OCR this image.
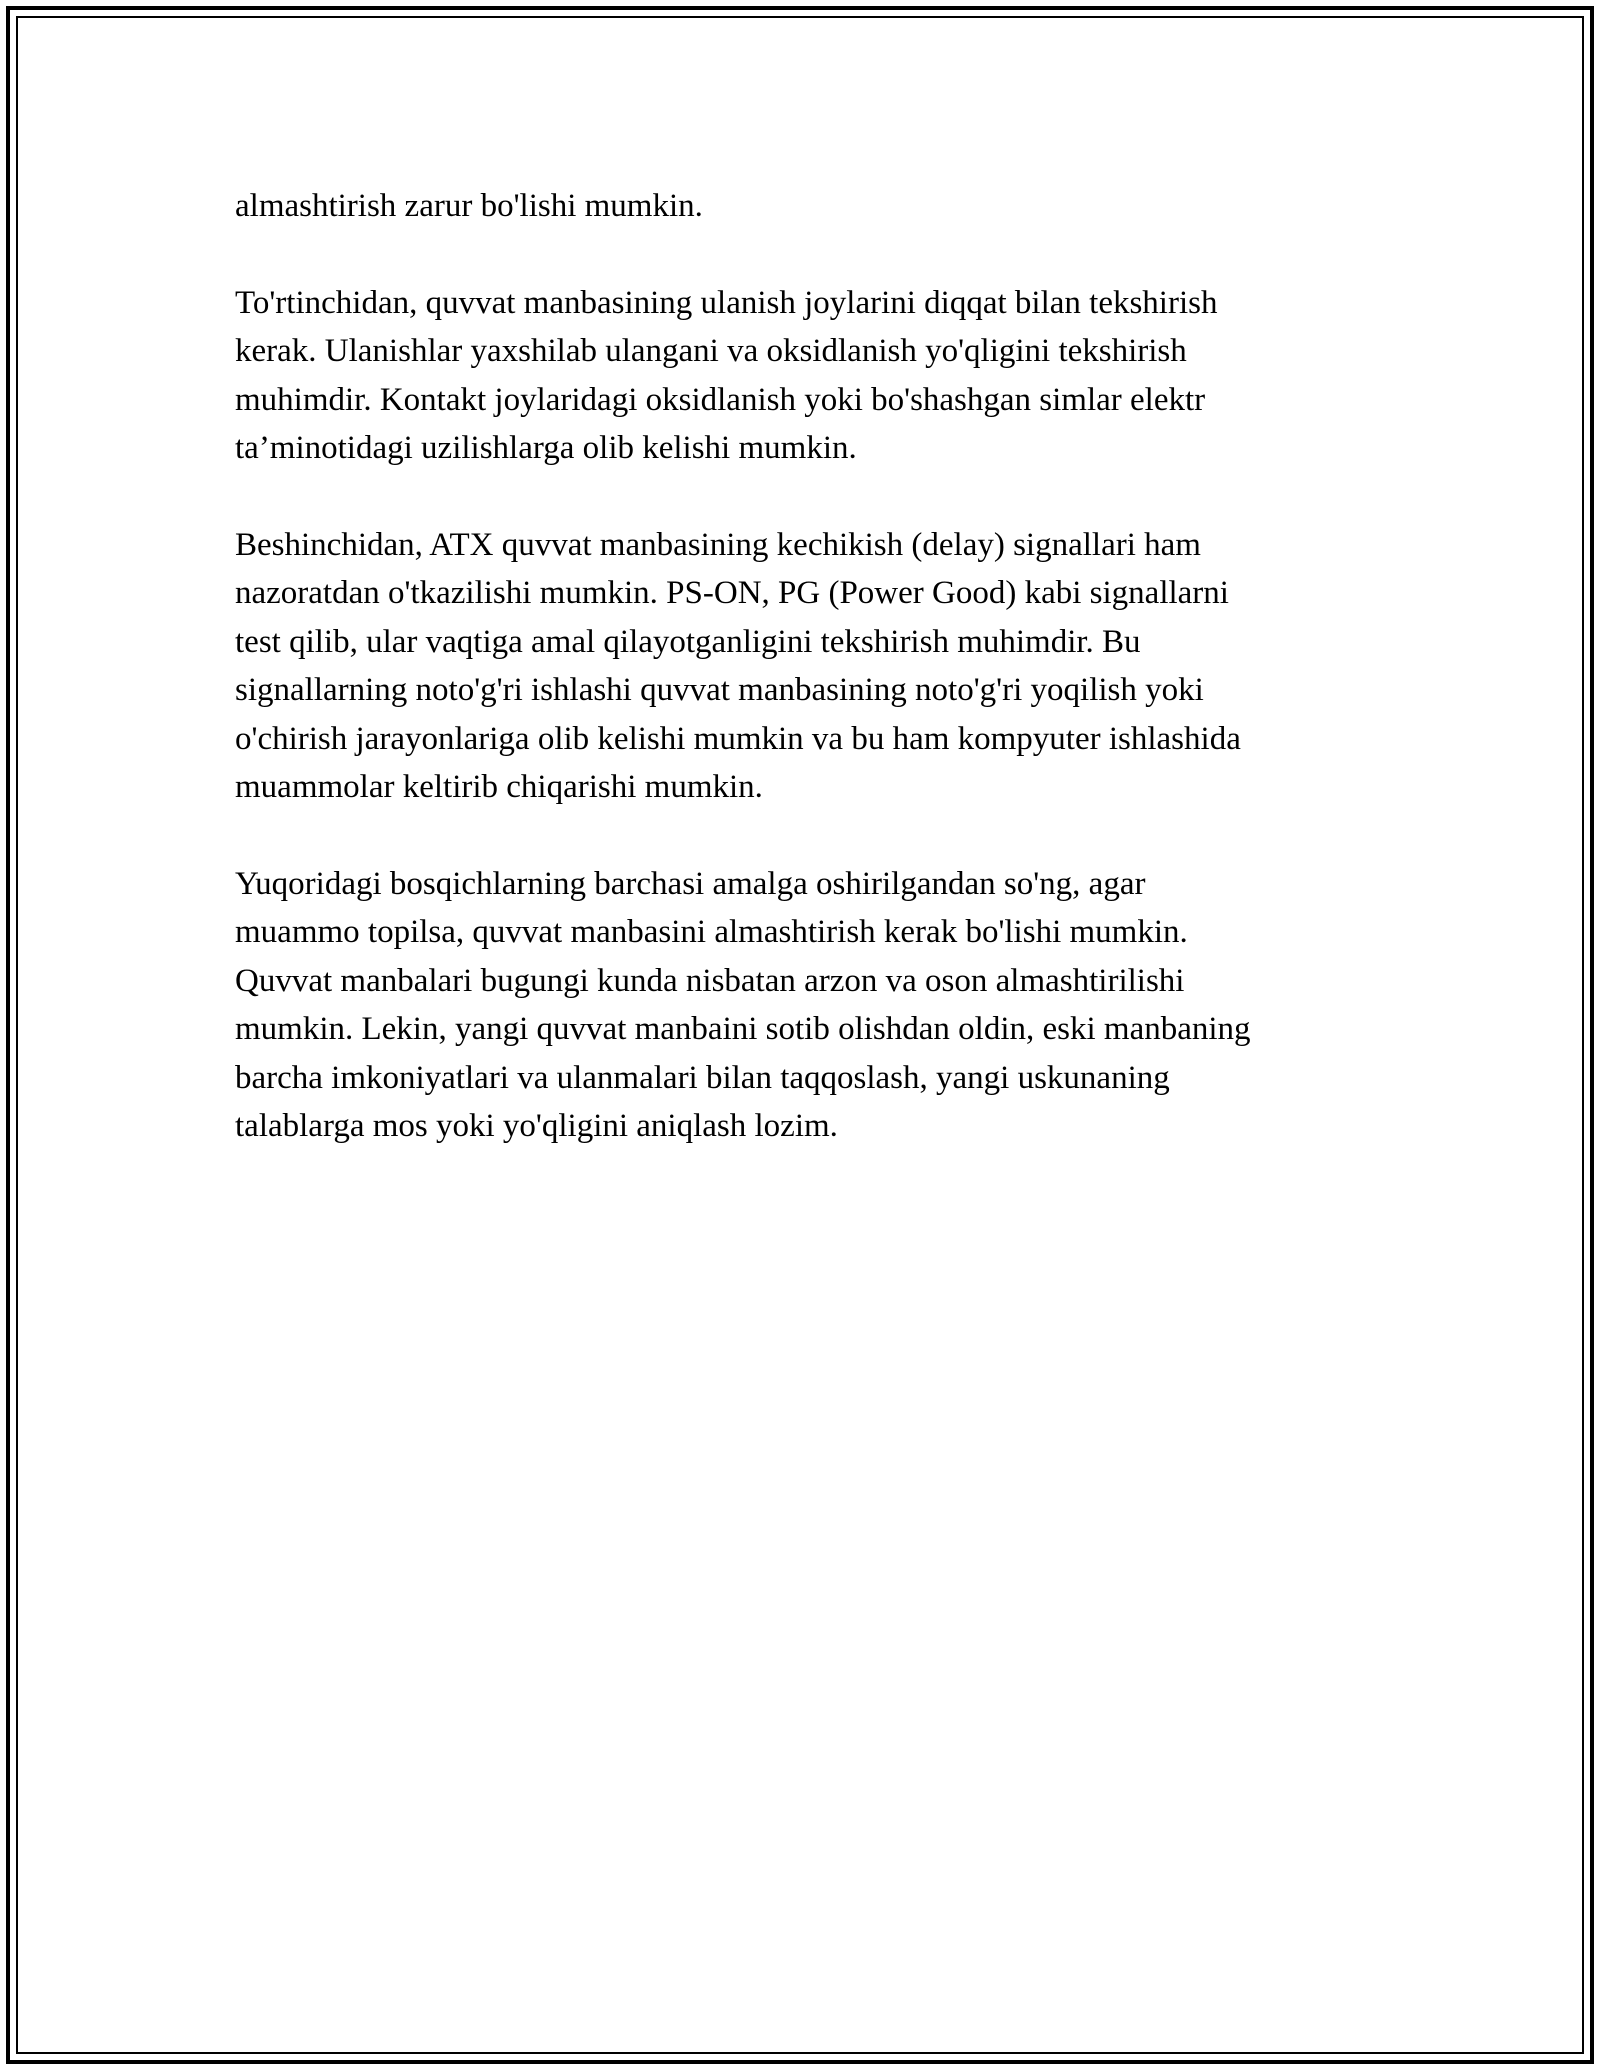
almashtirish zarur bo'lishi mumkin.

To'rtinchidan, quvvat manbasining ulanish joylarini diqqat bilan tekshirish
kerak. Ulanishlar yaxshilab ulangani va oksidlanish yo'qligini tekshirish
muhimdir. Kontakt joylaridagi oksidlanish yoki bo'shashgan simlar elektr
ta’minotidagi uzilishlarga olib kelishi mumkin.

Beshinchidan, ATX quvvat manbasining kechikish (delay) signallari ham
nazoratdan o'tkazilishi mumkin. PS-ON, PG (Power Good) kabi signallarni
test qilib, ular vaqtiga amal qilayotganligini tekshirish muhimdir. Bu
signallarning noto'g'ri ishlashi quvvat manbasining noto'g'ri yoqilish yoki
o'chirish jarayonlariga olib kelishi mumkin va bu ham kompyuter ishlashida
muammolar keltirib chiqarishi mumkin.

Yuqoridagi bosqichlarning barchasi amalga oshirilgandan so'ng, agar
muammo topilsa, quvvat manbasini almashtirish kerak bo'lishi mumkin.
Quvvat manbalari bugungi kunda nisbatan arzon va oson almashtirilishi
mumkin. Lekin, yangi quvvat manbaini sotib olishdan oldin, eski manbaning
barcha imkoniyatlari va ulanmalari bilan taqqoslash, yangi uskunaning
talablarga mos yoki yo'qligini aniqlash lozim.
